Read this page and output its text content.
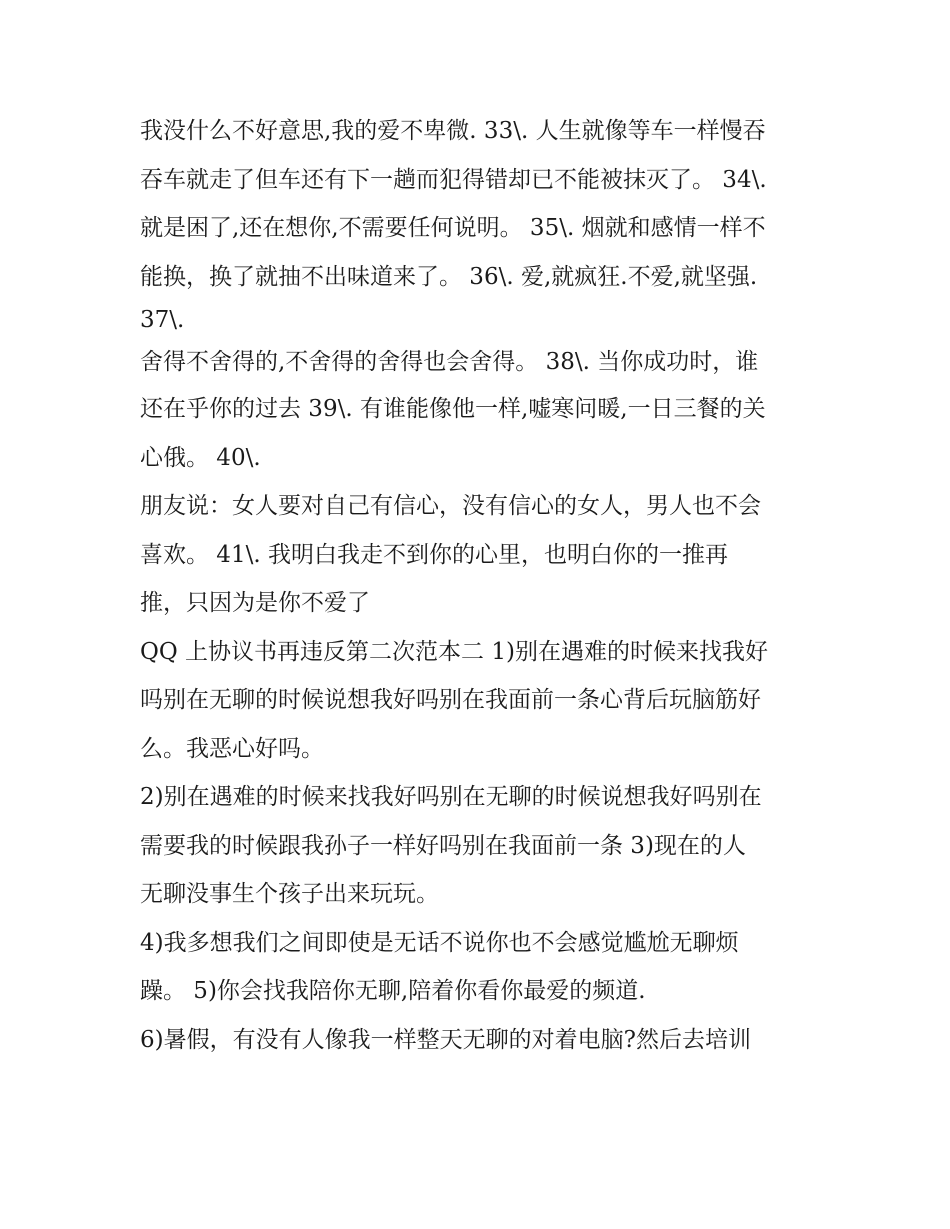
我没什么不好意思,我的爱不卑微. 33\. 人生就像等车一样慢吞
吞车就走了但车还有下一趟而犯得错却已不能被抹灭了。 34\.
就是困了,还在想你,不需要任何说明。 35\. 烟就和感情一样不
能换，换了就抽不出味道来了。 36\. 爱,就疯狂.不爱,就坚强.
37\.
舍得不舍得的,不舍得的舍得也会舍得。 38\. 当你成功时，谁
还在乎你的过去 39\. 有谁能像他一样,嘘寒问暖,一日三餐的关
心俄。 40\.
朋友说：女人要对自己有信心，没有信心的女人，男人也不会
喜欢。 41\. 我明白我走不到你的心里，也明白你的一推再
推，只因为是你不爱了
QQ 上协议书再违反第二次范本二 1)别在遇难的时候来找我好
吗别在无聊的时候说想我好吗别在我面前一条心背后玩脑筋好
么。我恶心好吗。
2)别在遇难的时候来找我好吗别在无聊的时候说想我好吗别在
需要我的时候跟我孙子一样好吗别在我面前一条 3)现在的人
无聊没事生个孩子出来玩玩。
4)我多想我们之间即使是无话不说你也不会感觉尴尬无聊烦
躁。 5)你会找我陪你无聊,陪着你看你最爱的频道.
6)暑假，有没有人像我一样整天无聊的对着电脑?然后去培训
